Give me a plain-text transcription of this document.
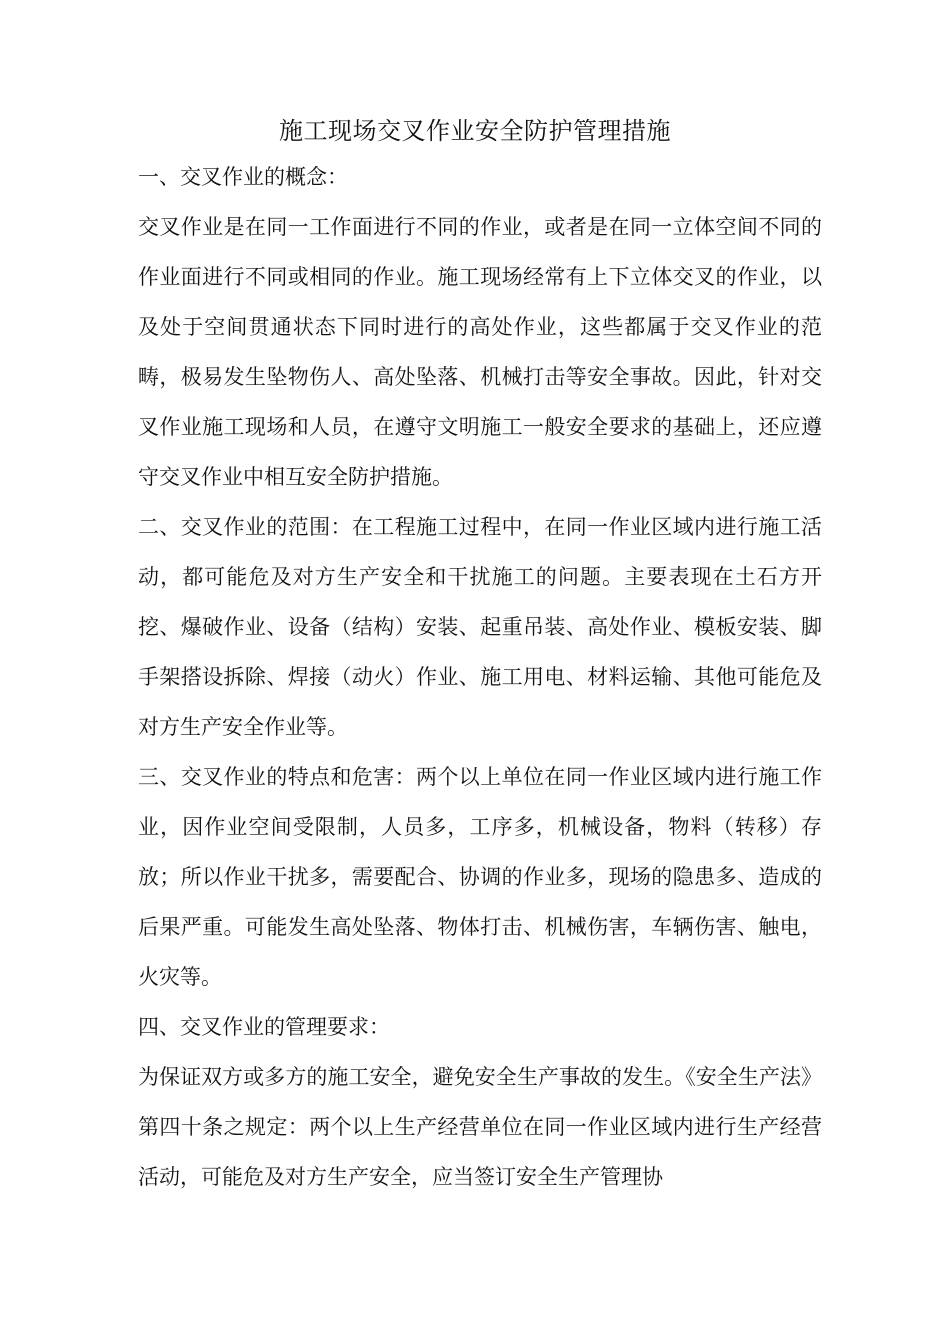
施工现场交叉作业安全防护管理措施

一、交叉作业的概念：

交叉作业是在同一工作面进行不同的作业，或者是在同一立体空间不同的作业面进行不同或相同的作业。施工现场经常有上下立体交叉的作业，以及处于空间贯通状态下同时进行的高处作业，这些都属于交叉作业的范畴，极易发生坠物伤人、高处坠落、机械打击等安全事故。因此，针对交叉作业施工现场和人员，在遵守文明施工一般安全要求的基础上，还应遵守交叉作业中相互安全防护措施。

二、交叉作业的范围：在工程施工过程中，在同一作业区域内进行施工活动，都可能危及对方生产安全和干扰施工的问题。主要表现在土石方开挖、爆破作业、设备（结构）安装、起重吊装、高处作业、模板安装、脚手架搭设拆除、焊接（动火）作业、施工用电、材料运输、其他可能危及对方生产安全作业等。

三、交叉作业的特点和危害：两个以上单位在同一作业区域内进行施工作业，因作业空间受限制，人员多，工序多，机械设备，物料（转移）存放；所以作业干扰多，需要配合、协调的作业多，现场的隐患多、造成的后果严重。可能发生高处坠落、物体打击、机械伤害，车辆伤害、触电，火灾等。

四、交叉作业的管理要求：

为保证双方或多方的施工安全，避免安全生产事故的发生。《安全生产法》第四十条之规定：两个以上生产经营单位在同一作业区域内进行生产经营活动，可能危及对方生产安全，应当签订安全生产管理协
